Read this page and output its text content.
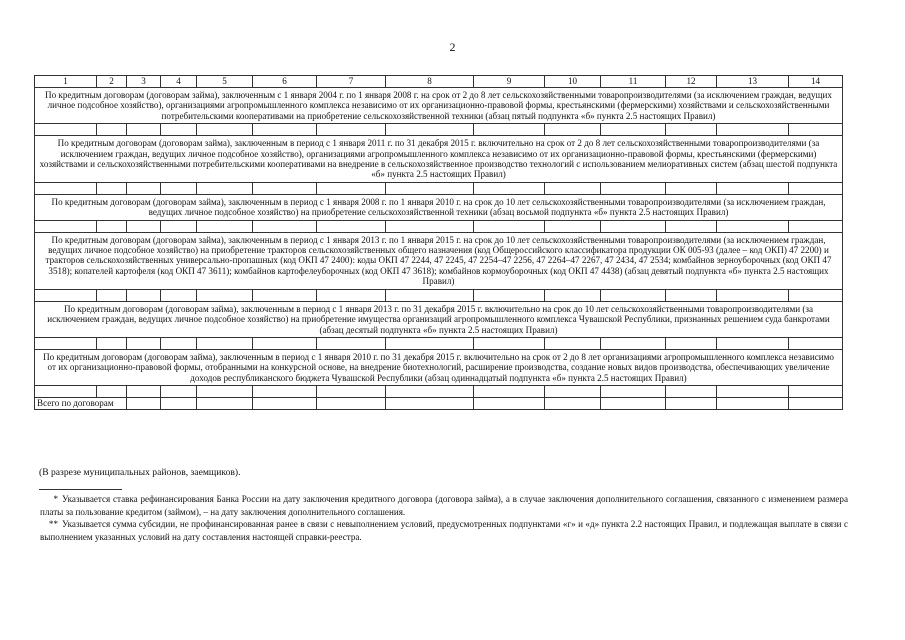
2
1	2	3	4	5	6	7	8	9	10	11	12	13	14
По кредитным договорам (договорам займа), заключенным с 1 января 2004 г. по 1 января 2008 г. на срок от 2 до 8 лет сельскохозяйственными товаропроизводителями (за исключением граждан, ведущих личное подсобное хозяйство), организациями агропромышленного комплекса независимо от их организационно-правовой формы, крестьянскими (фермерскими) хозяйствами и сельскохозяйственными потребительскими кооперативами на приобретение сельскохозяйственной техники (абзац пятый подпункта «б» пункта 2.5 настоящих Правил)													

По кредитным договорам (договорам займа), заключенным в период с 1 января 2011 г. по 31 декабря 2015 г. включительно на срок от 2 до 8 лет сельскохозяйственными товаропроизводителями (за исключением граждан, ведущих личное подсобное хозяйство), организациями агропромышленного комплекса независимо от их организационно-правовой формы, крестьянскими (фермерскими) хозяйствами и сельскохозяйственными потребительскими кооперативами на внедрение в сельскохозяйственное производство технологий с использованием мелиоративных систем (абзац шестой подпункта «б» пункта 2.5 настоящих Правил)													

По кредитным договорам (договорам займа), заключенным в период с 1 января 2008 г. по 1 января 2010 г. на срок до 10 лет сельскохозяйственными товаропроизводителями (за исключением граждан, ведущих личное подсобное хозяйство) на приобретение сельскохозяйственной техники (абзац восьмой подпункта «б» пункта 2.5 настоящих Правил)													

По кредитным договорам (договорам займа), заключенным в период с 1 января 2013 г. по 1 января 2015 г. на срок до 10 лет сельскохозяйственными товаропроизводителями (за исключением граждан, ведущих личное подсобное хозяйство) на приобретение тракторов сельскохозяйственных общего назначения (код Общероссийского классификатора продукции ОК 005-93 (далее – код ОКП) 47 2200) и тракторов сельскохозяйственных универсально-пропашных (код ОКП 47 2400): коды ОКП 47 2244, 47 2245, 47 2254–47 2256, 47 2264–47 2267, 47 2434, 47 2534; комбайнов зерноуборочных (код ОКП 47 3518); копателей картофеля (код ОКП 47 3611); комбайнов картофелеуборочных (код ОКП 47 3618); комбайнов кормоуборочных (код ОКП 47 4438) (абзац девятый подпункта «б» пункта 2.5 настоящих Правил)													

По кредитным договорам (договорам займа), заключенным в период с 1 января 2013 г. по 31 декабря 2015 г. включительно на срок до 10 лет сельскохозяйственными товаропроизводителями (за исключением граждан, ведущих личное подсобное хозяйство) на приобретение имущества организаций агропромышленного комплекса Чувашской Республики, признанных решением суда банкротами (абзац десятый подпункта «б» пункта 2.5 настоящих Правил)													

По кредитным договорам (договорам займа), заключенным в период с 1 января 2010 г. по 31 декабря 2015 г. включительно на срок от 2 до 8 лет организациями агропромышленного комплекса независимо от их организационно-правовой формы, отобранными на конкурсной основе, на внедрение биотехнологий, расширение производства, создание новых видов производства, обеспечивающих увеличение доходов республиканского бюджета Чувашской Республики (абзац одиннадцатый подпункта «б» пункта 2.5 настоящих Правил)													

Всего по договорам													
(В разрезе муниципальных районов, заемщиков).
* Указывается ставка рефинансирования Банка России на дату заключения кредитного договора (договора займа), а в случае заключения дополнительного соглашения, связанного с изменением размера платы за пользование кредитом (займом), – на дату заключения дополнительного соглашения.
** Указывается сумма субсидии, не профинансированная ранее в связи с невыполнением условий, предусмотренных подпунктами «г» и «д» пункта 2.2 настоящих Правил, и подлежащая выплате в связи с выполнением указанных условий на дату составления настоящей справки-реестра.
